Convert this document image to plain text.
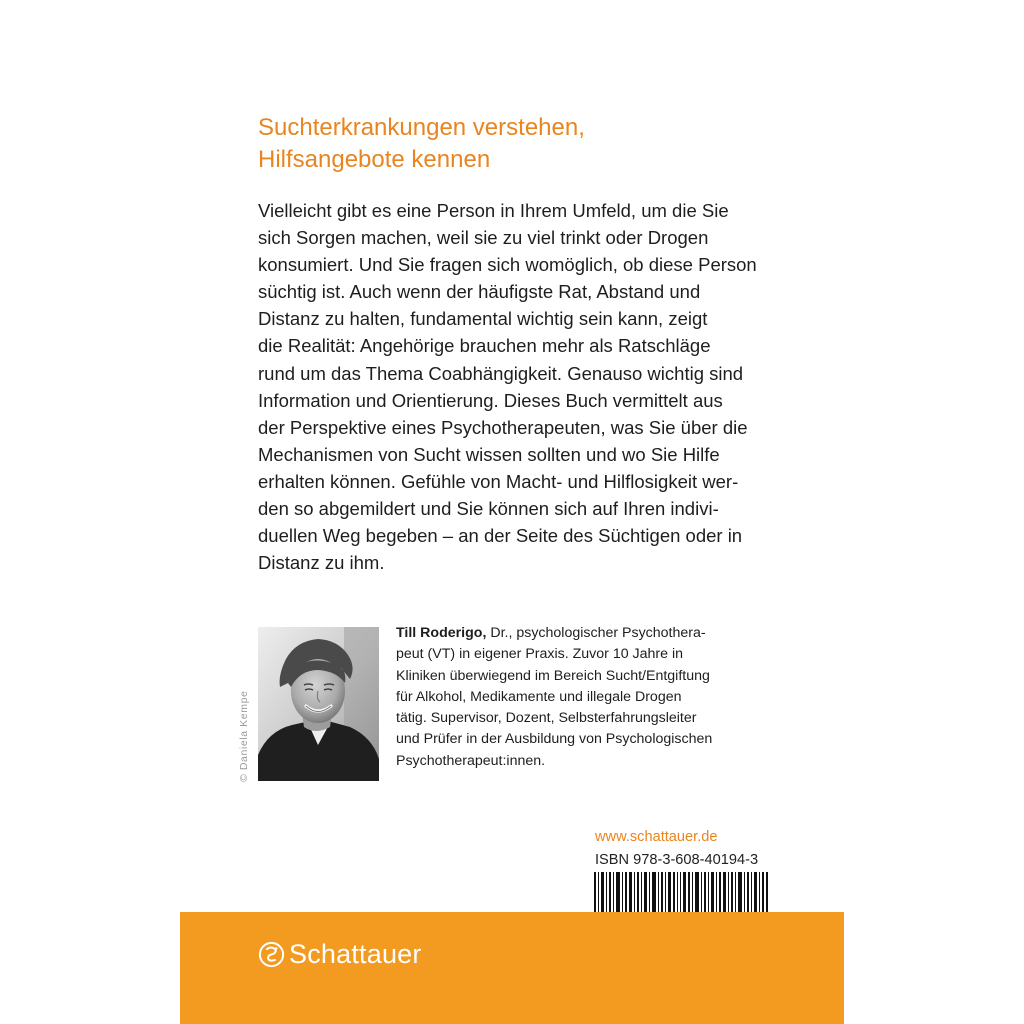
Suchterkrankungen verstehen,
Hilfsangebote kennen

Vielleicht gibt es eine Person in Ihrem Umfeld, um die Sie
sich Sorgen machen, weil sie zu viel trinkt oder Drogen
konsumiert. Und Sie fragen sich womöglich, ob diese Person
süchtig ist. Auch wenn der häufigste Rat, Abstand und
Distanz zu halten, fundamental wichtig sein kann, zeigt
die Realität: Angehörige brauchen mehr als Ratschläge
rund um das Thema Coabhängigkeit. Genauso wichtig sind
Information und Orientierung. Dieses Buch vermittelt aus
der Perspektive eines Psychotherapeuten, was Sie über die
Mechanismen von Sucht wissen sollten und wo Sie Hilfe
erhalten können. Gefühle von Macht- und Hilflosigkeit wer-
den so abgemildert und Sie können sich auf Ihren indivi-
duellen Weg begeben – an der Seite des Süchtigen oder in
Distanz zu ihm.

© Daniela Kempe

Till Roderigo, Dr., psychologischer Psychothera-
peut (VT) in eigener Praxis. Zuvor 10 Jahre in
Kliniken überwiegend im Bereich Sucht/Entgiftung
für Alkohol, Medikamente und illegale Drogen
tätig. Supervisor, Dozent, Selbsterfahrungsleiter
und Prüfer in der Ausbildung von Psychologischen
Psychotherapeut:innen.

www.schattauer.de
ISBN 978-3-608-40194-3
Schattauer
